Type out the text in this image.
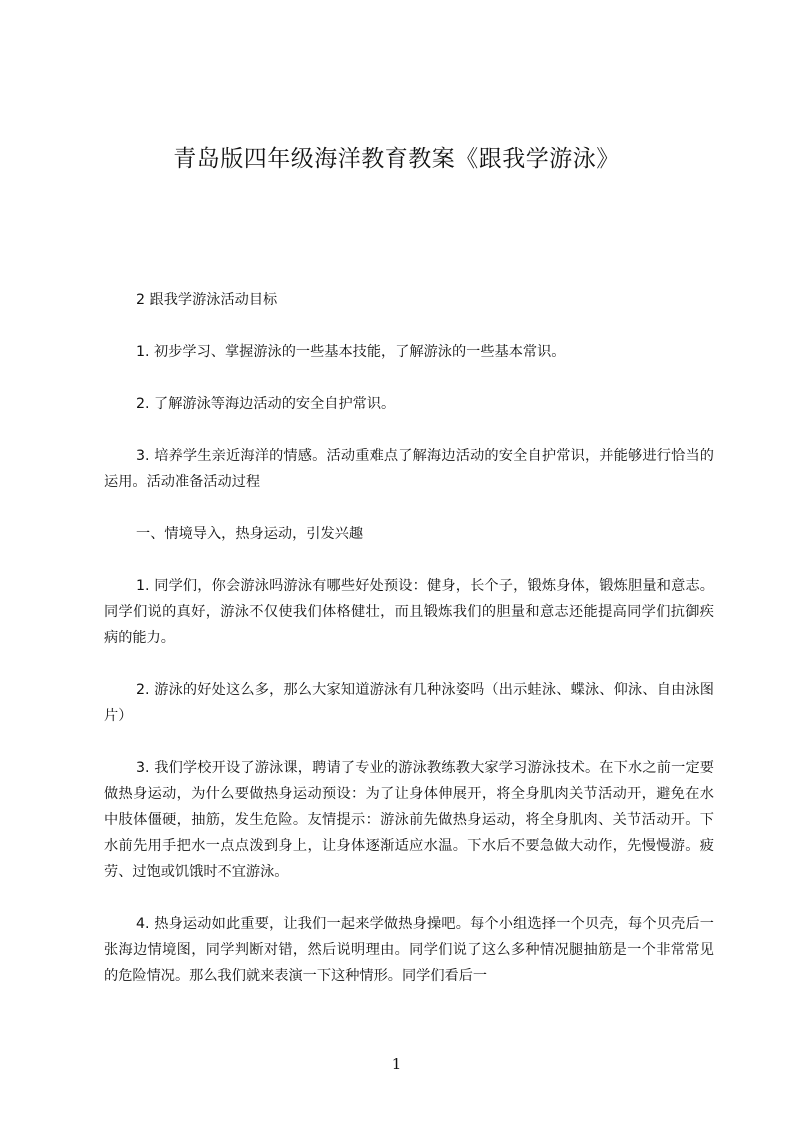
青岛版四年级海洋教育教案《跟我学游泳》

2 跟我学游泳活动目标

1. 初步学习、掌握游泳的一些基本技能，了解游泳的一些基本常识。

2. 了解游泳等海边活动的安全自护常识。

3. 培养学生亲近海洋的情感。活动重难点了解海边活动的安全自护常识，并能够进行恰当的运用。活动准备活动过程

一、情境导入，热身运动，引发兴趣

1. 同学们，你会游泳吗游泳有哪些好处预设：健身，长个子，锻炼身体，锻炼胆量和意志。同学们说的真好，游泳不仅使我们体格健壮，而且锻炼我们的胆量和意志还能提高同学们抗御疾病的能力。

2. 游泳的好处这么多，那么大家知道游泳有几种泳姿吗（出示蛙泳、蝶泳、仰泳、自由泳图片）

3. 我们学校开设了游泳课，聘请了专业的游泳教练教大家学习游泳技术。在下水之前一定要做热身运动，为什么要做热身运动预设：为了让身体伸展开，将全身肌肉关节活动开，避免在水中肢体僵硬，抽筋，发生危险。友情提示：游泳前先做热身运动，将全身肌肉、关节活动开。下水前先用手把水一点点泼到身上，让身体逐渐适应水温。下水后不要急做大动作，先慢慢游。疲劳、过饱或饥饿时不宜游泳。

4. 热身运动如此重要，让我们一起来学做热身操吧。每个小组选择一个贝壳，每个贝壳后一张海边情境图，同学判断对错，然后说明理由。同学们说了这么多种情况腿抽筋是一个非常常见的危险情况。那么我们就来表演一下这种情形。同学们看后一

1
